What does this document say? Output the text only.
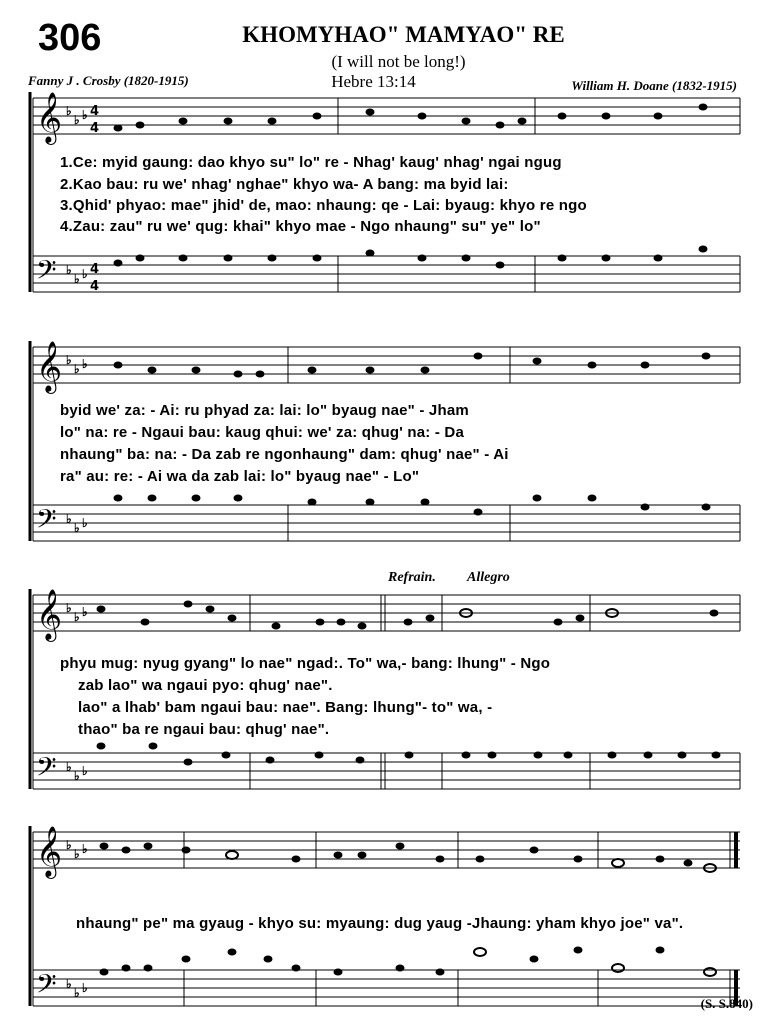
306	KHOMYHAO" MAMYAO" RE
(I will not be long!)
Hebre 13:14
Fanny J . Crosby (1820-1915)	William H. Doane (1832-1915)
𝄞
𝄢
♭
♭ ♭
♭
♭ ♭
4
4
4
4
1.Ce: myid gaung: dao khyo su" lo" re - Nhag' kaug' nhag' ngai ngug
2.Kao bau: ru we' nhag' nghae" khyo wa- A bang: ma byid lai:
3.Qhid' phyao: mae" jhid' de, mao: nhaung: qe - Lai: byaug: khyo re ngo
4.Zau: zau" ru we' qug: khai" khyo mae - Ngo nhaung" su" ye" lo"
𝄞
𝄢
♭
♭ ♭
♭
♭ ♭
byid we' za: - Ai: ru phyad za: lai: lo" byaug nae" - Jham
lo" na: re - Ngaui bau: kaug qhui: we' za: qhug' na: - Da
nhaung" ba: na: - Da zab re ngonhaung" dam: qhug' nae" - Ai
ra" au: re: - Ai wa da zab lai: lo" byaug nae" - Lo"
Refrain. Allegro
𝄞
𝄢
♭
♭ ♭
♭
♭ ♭
phyu mug: nyug gyang" lo nae" ngad:. To" wa,- bang: lhung" - Ngo
zab lao" wa ngaui pyo: qhug' nae".
lao" a lhab' bam ngaui bau: nae". Bang: lhung"- to" wa, -
thao" ba re ngaui bau: qhug' nae".
𝄞
𝄢
♭
♭ ♭
♭
♭ ♭
nhaung" pe" ma gyaug - khyo su: myaung: dug yaug -Jhaung: yham khyo joe" va".
(S. S.840)
